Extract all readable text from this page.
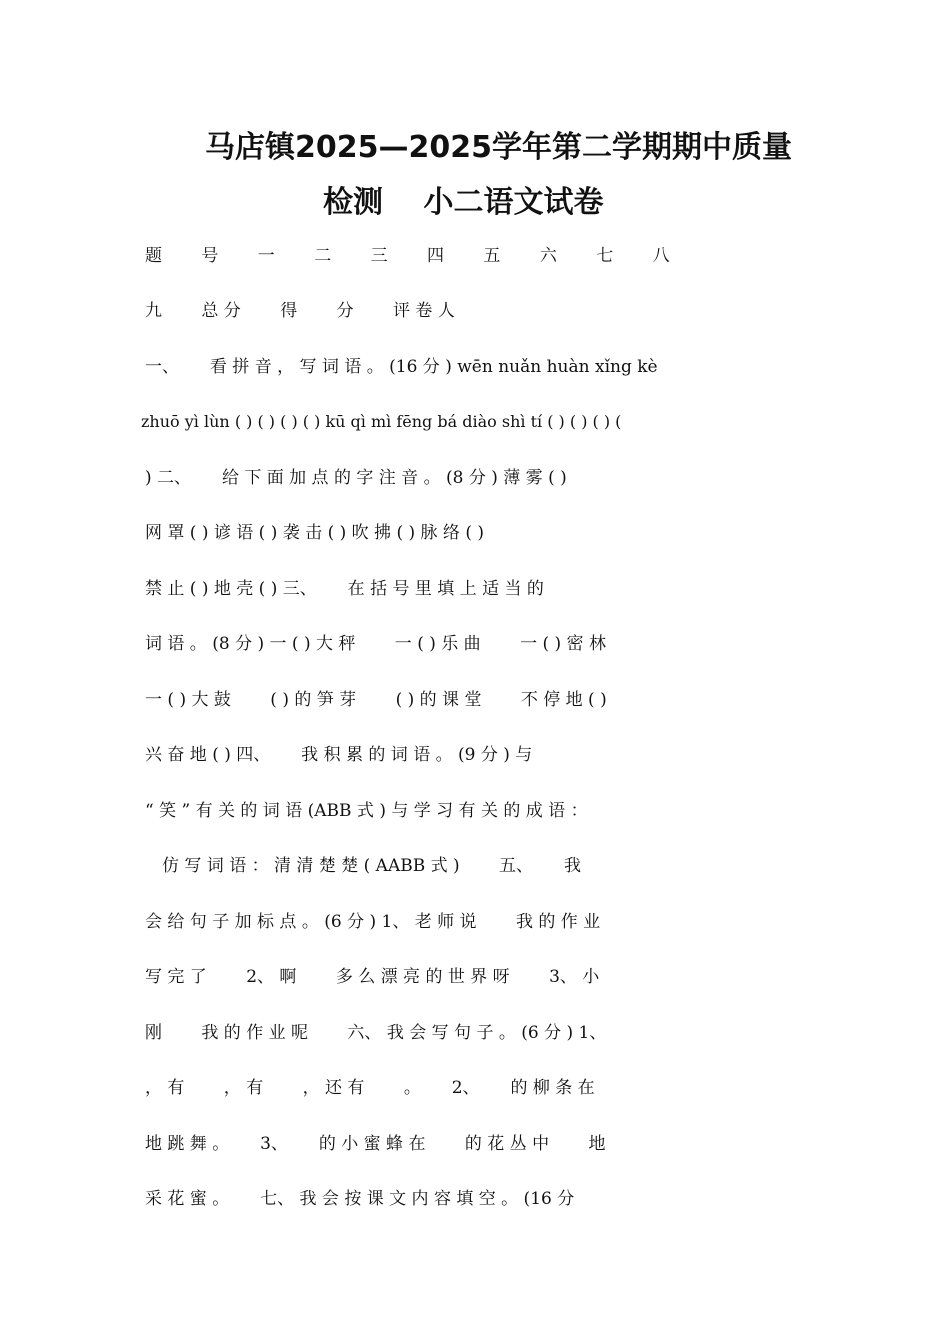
马店镇2025—2025学年第二学期期中质量
检测　 小二语文试卷
题　　 号　　 一　　 二　　 三　　 四　　 五　　 六　　 七　　 八
九　　 总 分　　 得　　 分　　 评 卷 人
一、　　 看 拼 音 ， 写 词 语 。 (16 分 ) wēn nuǎn huàn xǐng kè
zhuō yì lùn ( ) ( ) ( ) ( ) kū qì mì fēng bá diào shì tí ( ) ( ) ( ) (
) 二、　　 给 下 面 加 点 的 字 注 音 。 (8 分 ) 薄 雾 ( )
网 罩 ( ) 谚 语 ( ) 袭 击 ( ) 吹 拂 ( ) 脉 络 ( )
禁 止 ( ) 地 壳 ( ) 三、　　 在 括 号 里 填 上 适 当 的
词 语 。 (8 分 ) 一 ( ) 大 秤　　 一 ( ) 乐 曲　　 一 ( ) 密 林
一 ( ) 大 鼓　　 ( ) 的 笋 芽　　 ( ) 的 课 堂　　 不 停 地 ( )
兴 奋 地 ( ) 四、　　 我 积 累 的 词 语 。 (9 分 ) 与
“ 笑 ” 有 关 的 词 语 (ABB 式 ) 与 学 习 有 关 的 成 语 ：
　仿 写 词 语 ： 清 清 楚 楚 ( AABB 式 )　　 五、　　 我
会 给 句 子 加 标 点 。 (6 分 ) 1、 老 师 说　　 我 的 作 业
写 完 了　　 2、 啊　　 多 么 漂 亮 的 世 界 呀　　 3、 小
刚　　 我 的 作 业 呢　　 六、 我 会 写 句 子 。 (6 分 ) 1、
， 有　　 ， 有　　 ， 还 有　　 。　　 2、　　 的 柳 条 在
地 跳 舞 。　　 3、　　 的 小 蜜 蜂 在　　 的 花 丛 中　　 地
采 花 蜜 。　　 七、 我 会 按 课 文 内 容 填 空 。 (16 分
